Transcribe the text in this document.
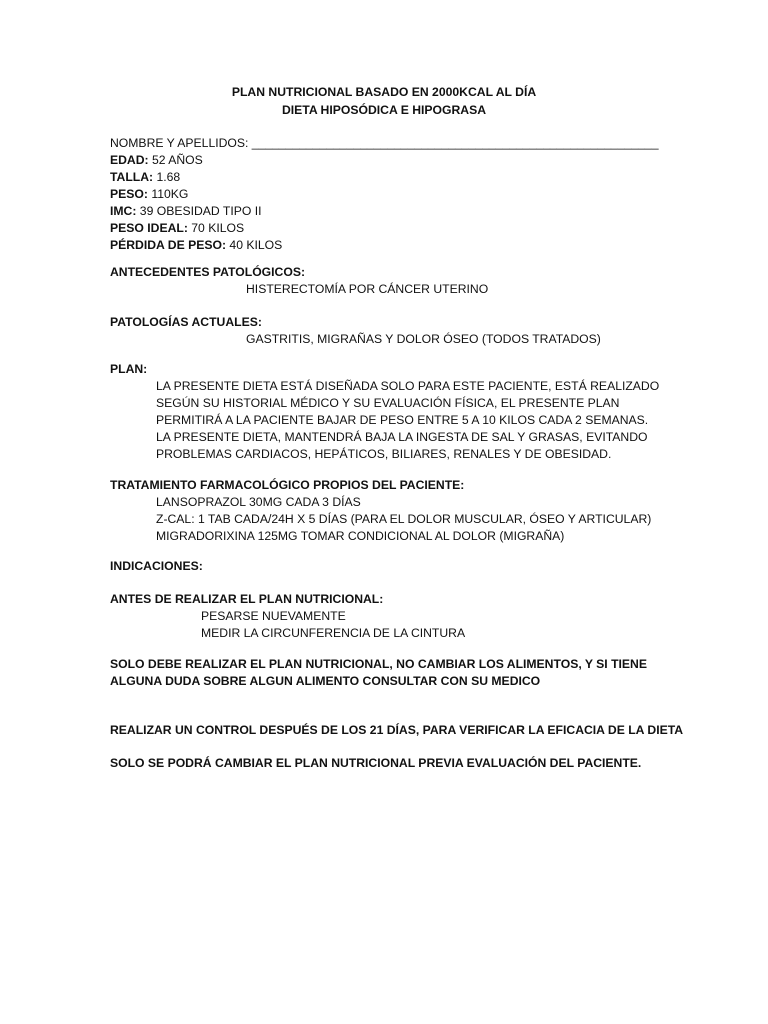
PLAN NUTRICIONAL BASADO EN 2000KCAL AL DÍA
DIETA HIPOSÓDICA E HIPOGRASA
NOMBRE Y APELLIDOS: ____________________________________________________________
EDAD: 52 AÑOS
TALLA: 1.68
PESO: 110KG
IMC: 39 OBESIDAD TIPO II
PESO IDEAL: 70 KILOS
PÉRDIDA DE PESO: 40 KILOS
ANTECEDENTES PATOLÓGICOS:
HISTERECTOMÍA POR CÁNCER UTERINO
PATOLOGÍAS ACTUALES:
GASTRITIS, MIGRAÑAS Y DOLOR ÓSEO (TODOS TRATADOS)
PLAN:
LA PRESENTE DIETA ESTÁ DISEÑADA SOLO PARA ESTE PACIENTE, ESTÁ REALIZADO
SEGÚN SU HISTORIAL MÉDICO Y SU EVALUACIÓN FÍSICA, EL PRESENTE PLAN
PERMITIRÁ A LA PACIENTE BAJAR DE PESO ENTRE 5 A 10 KILOS CADA 2 SEMANAS.
LA PRESENTE DIETA, MANTENDRÁ BAJA LA INGESTA DE SAL Y GRASAS, EVITANDO
PROBLEMAS CARDIACOS, HEPÁTICOS, BILIARES, RENALES Y DE OBESIDAD.
TRATAMIENTO FARMACOLÓGICO PROPIOS DEL PACIENTE:
LANSOPRAZOL 30MG CADA 3 DÍAS
Z-CAL: 1 TAB CADA/24H X 5 DÍAS (PARA EL DOLOR MUSCULAR, ÓSEO Y ARTICULAR)
MIGRADORIXINA 125MG TOMAR CONDICIONAL AL DOLOR (MIGRAÑA)
INDICACIONES:
ANTES DE REALIZAR EL PLAN NUTRICIONAL:
PESARSE NUEVAMENTE
MEDIR LA CIRCUNFERENCIA DE LA CINTURA
SOLO DEBE REALIZAR EL PLAN NUTRICIONAL, NO CAMBIAR LOS ALIMENTOS, Y SI TIENE
ALGUNA DUDA SOBRE ALGUN ALIMENTO CONSULTAR CON SU MEDICO
REALIZAR UN CONTROL DESPUÉS DE LOS 21 DÍAS, PARA VERIFICAR LA EFICACIA DE LA DIETA
SOLO SE PODRÁ CAMBIAR EL PLAN NUTRICIONAL PREVIA EVALUACIÓN DEL PACIENTE.
